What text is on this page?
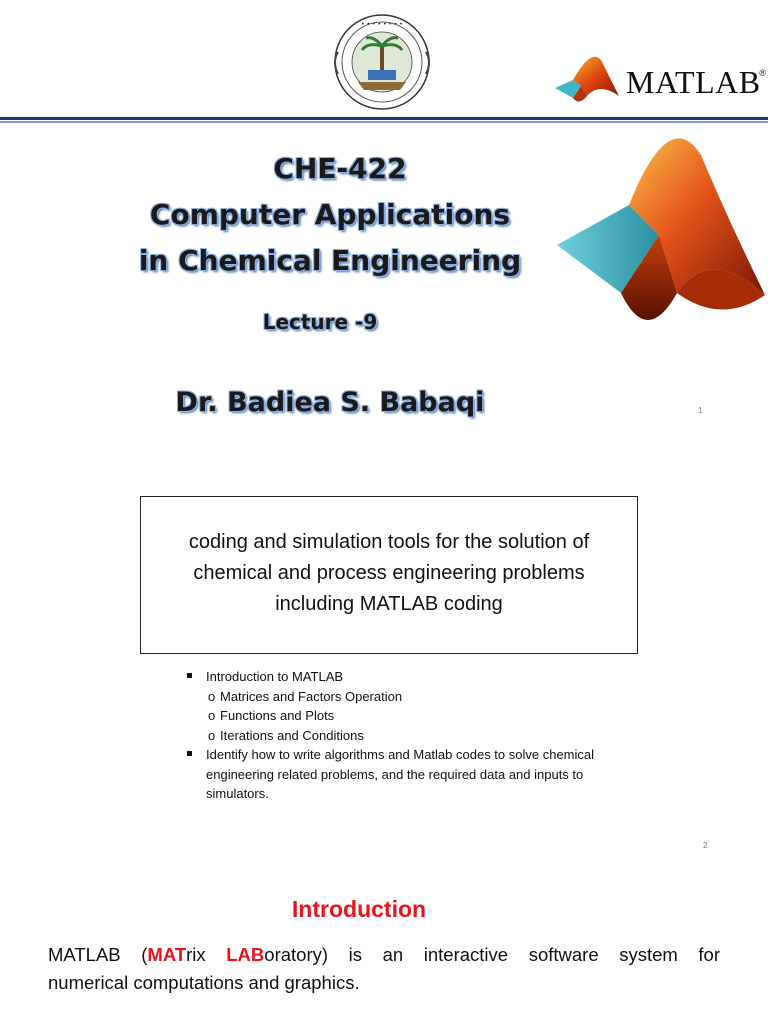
• • • • • • • •
MATLAB
®
CHE-422
Computer Applications
in Chemical Engineering
Lecture -9
Dr. Badiea S. Babaqi	1
coding and simulation tools for the solution of
chemical and process engineering problems
including MATLAB coding
Introduction to MATLAB
o Matrices and Factors Operation
o Functions and Plots
o Iterations and Conditions
Identify how to write algorithms and Matlab codes to solve chemical
engineering related problems, and the required data and inputs to
simulators.
2
Introduction
MATLAB (MATrix LABoratory) is an interactive software system for
numerical computations and graphics.
